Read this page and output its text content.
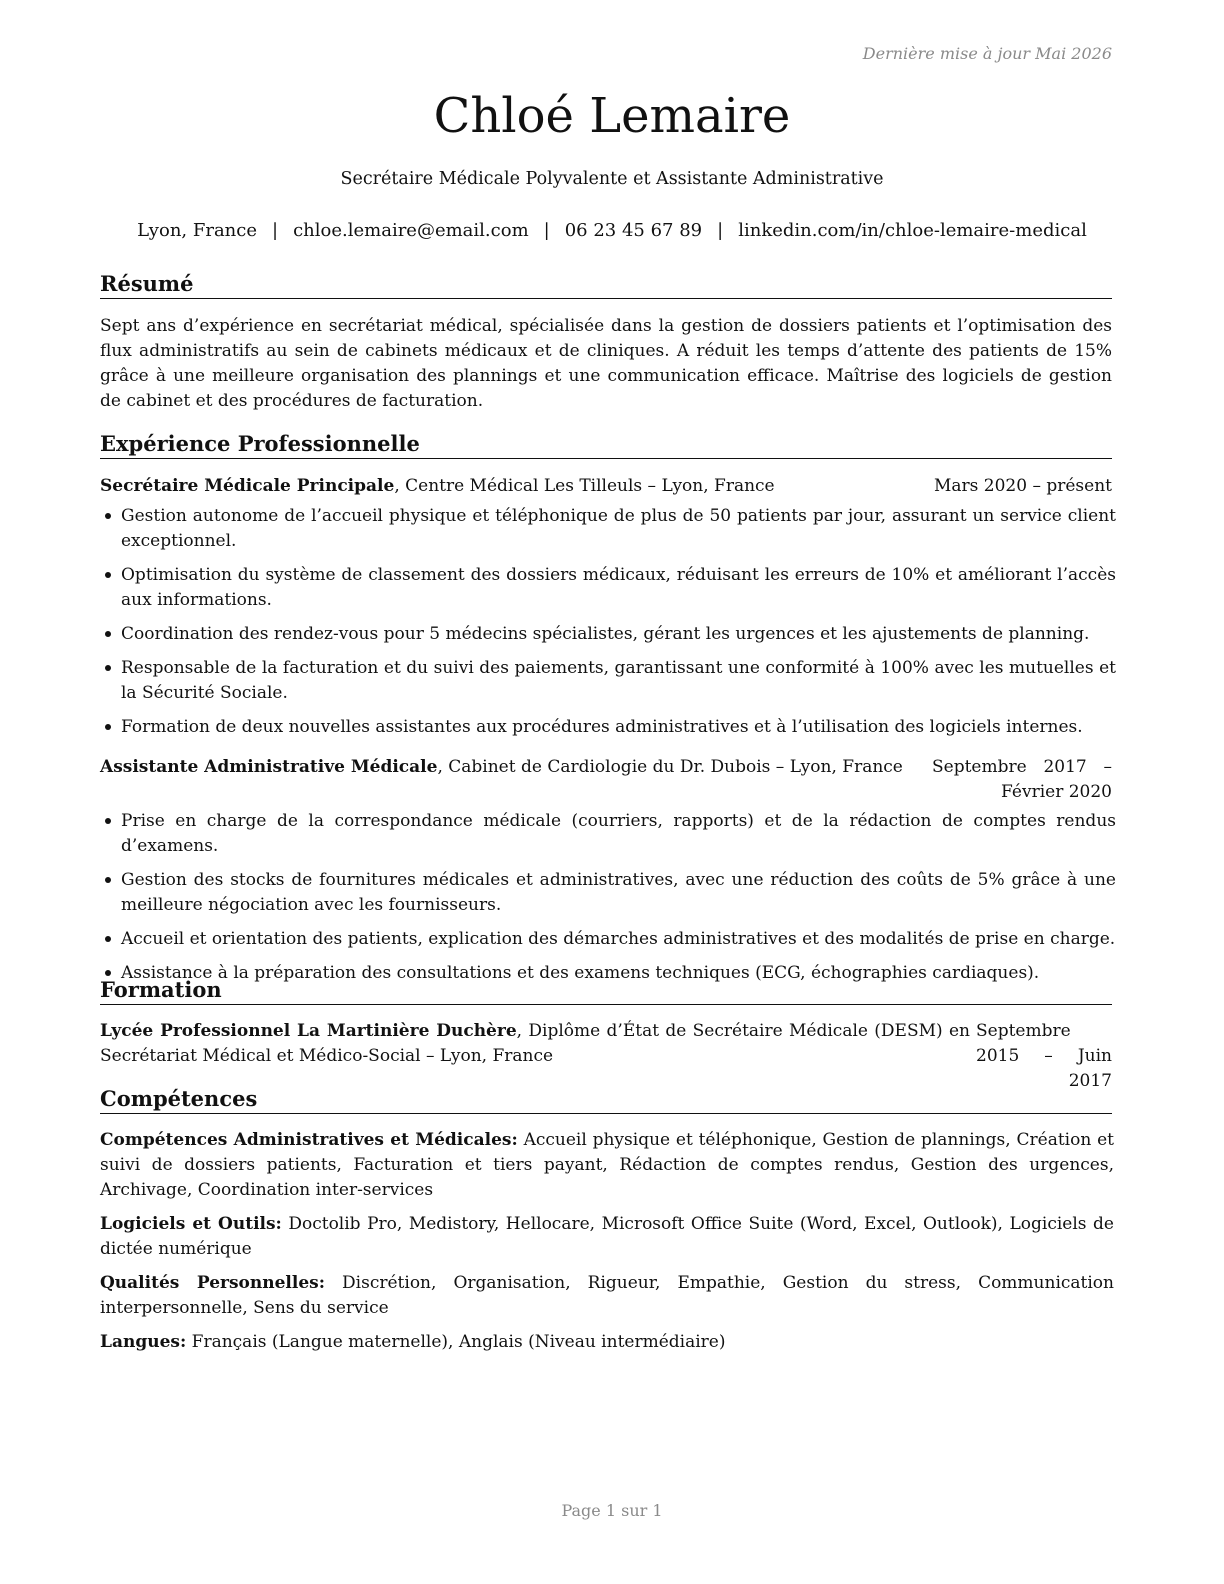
Dernière mise à jour Mai 2026
Chloé Lemaire
Secrétaire Médicale Polyvalente et Assistante Administrative
Lyon, France | chloe.lemaire@email.com | 06 23 45 67 89 | linkedin.com/in/chloe-lemaire-medical
Résumé
Sept ans d’expérience en secrétariat médical, spécialisée dans la gestion de dossiers patients et l’optimisation des flux administratifs au sein de cabinets médicaux et de cliniques. A réduit les temps d’attente des patients de 15% grâce à une meilleure organisation des plannings et une communication efficace. Maîtrise des logiciels de gestion de cabinet et des procédures de facturation.
Expérience Professionnelle
Secrétaire Médicale Principale, Centre Médical Les Tilleuls – Lyon, France	Mars 2020 – présent
Gestion autonome de l’accueil physique et téléphonique de plus de 50 patients par jour, assurant un service client exceptionnel.
Optimisation du système de classement des dossiers médicaux, réduisant les erreurs de 10% et améliorant l’accès aux informations.
Coordination des rendez-vous pour 5 médecins spécialistes, gérant les urgences et les ajustements de planning.
Responsable de la facturation et du suivi des paiements, garantissant une conformité à 100% avec les mutuelles et la Sécurité Sociale.
Formation de deux nouvelles assistantes aux procédures administratives et à l’utilisation des logiciels internes.
Assistante Administrative Médicale, Cabinet de Cardiologie du Dr. Dubois – Lyon, France	Septembre 2017 – Février 2020
Prise en charge de la correspondance médicale (courriers, rapports) et de la rédaction de comptes rendus d’examens.
Gestion des stocks de fournitures médicales et administratives, avec une réduction des coûts de 5% grâce à une meilleure négociation avec les fournisseurs.
Accueil et orientation des patients, explication des démarches administratives et des modalités de prise en charge.
Assistance à la préparation des consultations et des examens techniques (ECG, échographies cardiaques).
Formation
Lycée Professionnel La Martinière Duchère, Diplôme d’État de Secrétaire Médicale (DESM) en Secrétariat Médical et Médico-Social – Lyon, France
Septembre 2015 – Juin 2017
Compétences
Compétences Administratives et Médicales: Accueil physique et téléphonique, Gestion de plannings, Création et suivi de dossiers patients, Facturation et tiers payant, Rédaction de comptes rendus, Gestion des urgences, Archivage, Coordination inter-services
Logiciels et Outils: Doctolib Pro, Medistory, Hellocare, Microsoft Office Suite (Word, Excel, Outlook), Logiciels de dictée numérique
Qualités Personnelles: Discrétion, Organisation, Rigueur, Empathie, Gestion du stress, Communication interpersonnelle, Sens du service
Langues: Français (Langue maternelle), Anglais (Niveau intermédiaire)
Page 1 sur 1
